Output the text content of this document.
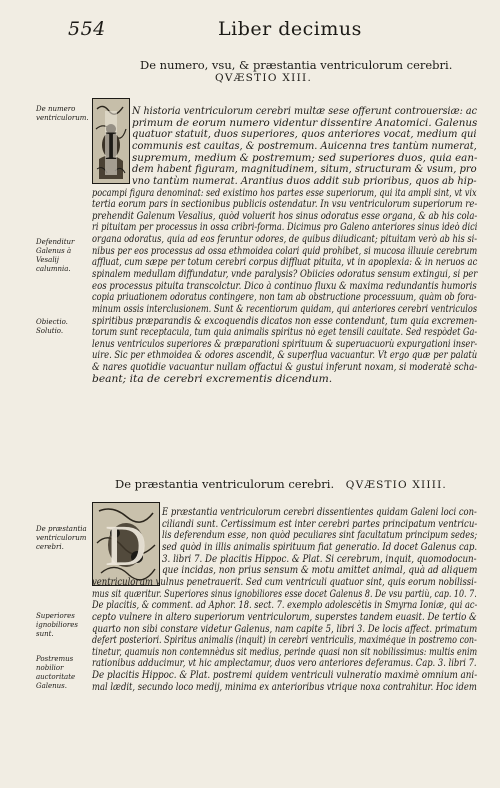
554	Liber decimus
De numero, vsu, & præstantia ventriculorum cerebri.
QVÆSTIO XIII.
De numero ventriculorum.
Defenditur Galenus à Vesalij calumnia.
Obiectio. Solutio.
I
N historia ventriculorum cerebri multæ sese offerunt controuersiæ: ac
primum de eorum numero videntur dissentire Anatomici. Galenus
quatuor statuit, duos superiores, quos anteriores vocat, medium qui
communis est cauitas, & postremum. Auicenna tres tantùm numerat,
supremum, medium & postremum; sed superiores duos, quia ean-
dem habent figuram, magnitudinem, situm, structuram & vsum, pro
vno tantùm numerat. Arantius duos addit sub prioribus, quos ab hip-
pocampi figura denominat: sed existimo hos partes esse superiorum, qui ita ampli sint, vt vix
tertia eorum pars in sectionibus publicis ostendatur. In vsu ventriculorum superiorum re-
prehendit Galenum Vesalius, quòd voluerit hos sinus odoratus esse organa, & ab his cola-
ri pituitam per processus in ossa cribri-forma. Dicimus pro Galeno anteriores sinus ideò dici
organa odoratus, quia ad eos feruntur odores, de quibus diiudicant; pituitam verò ab his si-
nibus per eos processus ad ossa ethmoidea colari quid prohibet, si mucosa illuuie cerebrum
affluat, cum sæpe per totum cerebri corpus diffluat pituita, vt in apoplexia: & in neruos ac
spinalem medullam diffundatur, vnde paralysis? Obiicies odoratus sensum extingui, si per
eos processus pituita transcolctur. Dico à continuo fluxu & maxima redundantis humoris
copia priuationem odoratus contingere, non tam ab obstructione processuum, quàm ob fora-
minum ossis interclusionem. Sunt & recentiorum quidam, qui anteriores cerebri ventriculos
spiritibus præparandis & excoquendis dicatos non esse contendunt, tum quia excremen-
torum sunt receptacula, tum quia animalis spiritus nò eget tensili cauitate. Sed respòdet Ga-
lenus ventriculos superiores & præparationi spirituum & superuacuorù expurgationi inser-
uire. Sic per ethmoidea & odores ascendit, & superflua vacuantur. Vt ergo quæ per palatù
& nares quotidie vacuantur nullam offactui & gustui inferunt noxam, si moderatè scha-
beant; ita de cerebri excrementis dicendum.
De præstantia ventriculorum cerebri. QVÆSTIO XIIII.
De præstantia ventriculorum cerebri.
Superiores ignobiliores sunt.
Postremus nobilior auctoritate Galenus.
D
E præstantia ventriculorum cerebri dissentientes quidam Galeni loci con-
ciliandi sunt. Certissimum est inter cerebri partes principatum ventricu-
lis deferendum esse, non quòd peculiares sint facultatum principum sedes;
sed quòd in illis animalis spirituum fiat generatio. Id docet Galenus cap.
3. libri 7. De placitis Hippoc. & Plat. Si cerebrum, inquit, quomodocun-
que incidas, non prius sensum & motu amittet animal, quà ad aliquem
ventriculorum vulnus penetrauerit. Sed cum ventriculi quatuor sint, quis eorum nobilissi-
mus sit quæritur. Superiores sinus ignobiliores esse docet Galenus 8. De vsu partiù, cap. 10. 7.
De placitis, & comment. ad Aphor. 18. sect. 7. exemplo adolescètis in Smyrna Ioniæ, qui ac-
cepto vulnere in altero superiorum ventriculorum, superstes tandem euasit. De tertio &
quarto non sibi constare videtur Galenus, nam capite 5, libri 3. De locis affect. primatum
defert posteriori. Spiritus animalis (inquit) in cerebri ventriculis, maximéque in postremo con-
tinetur, quamuis non contemnèdus sit medius, perinde quasi non sit nobilissimus: multis enim
rationibus adducimur, vt hic amplectamur, duos vero anteriores deferamus. Cap. 3. libri 7.
De placitis Hippoc. & Plat. postremi quidem ventriculi vulneratio maximè omnium ani-
mal lædit, secundo loco medij, minima ex anterioribus vtrique noxa contrahitur. Hoc idem
